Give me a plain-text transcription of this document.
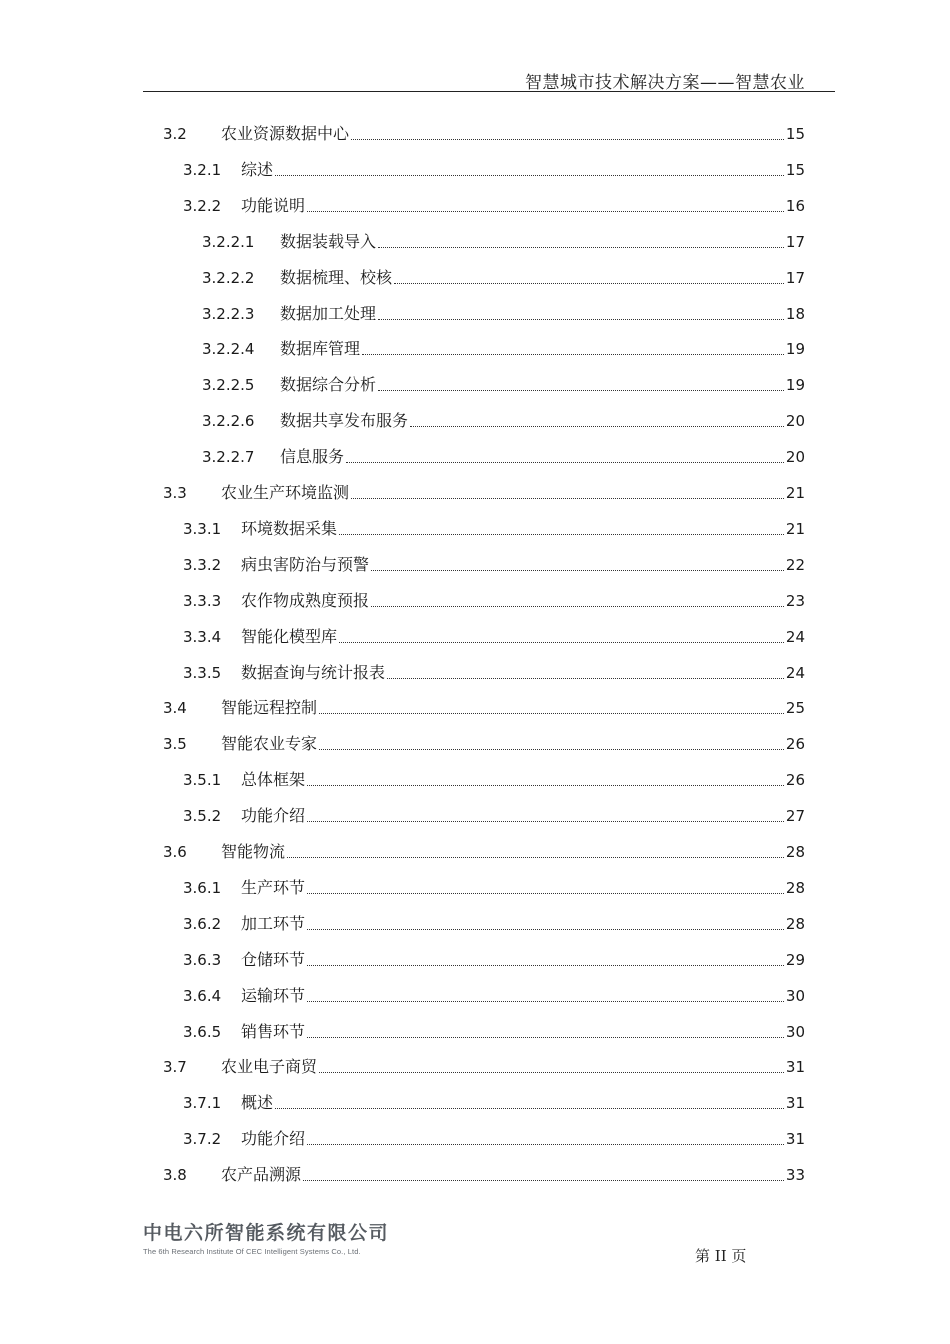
智慧城市技术解决方案——智慧农业
3.2	农业资源数据中心	15
3.2.1	综述	15
3.2.2	功能说明	16
3.2.2.1	数据装载导入	17
3.2.2.2	数据梳理、校核	17
3.2.2.3	数据加工处理	18
3.2.2.4	数据库管理	19
3.2.2.5	数据综合分析	19
3.2.2.6	数据共享发布服务	20
3.2.2.7	信息服务	20
3.3	农业生产环境监测	21
3.3.1	环境数据采集	21
3.3.2	病虫害防治与预警	22
3.3.3	农作物成熟度预报	23
3.3.4	智能化模型库	24
3.3.5	数据查询与统计报表	24
3.4	智能远程控制	25
3.5	智能农业专家	26
3.5.1	总体框架	26
3.5.2	功能介绍	27
3.6	智能物流	28
3.6.1	生产环节	28
3.6.2	加工环节	28
3.6.3	仓储环节	29
3.6.4	运输环节	30
3.6.5	销售环节	30
3.7	农业电子商贸	31
3.7.1	概述	31
3.7.2	功能介绍	31
3.8	农产品溯源	33
中电六所智能系统有限公司
The 6th Research Institute Of CEC Intelligent Systems Co., Ltd.	第 II 页
